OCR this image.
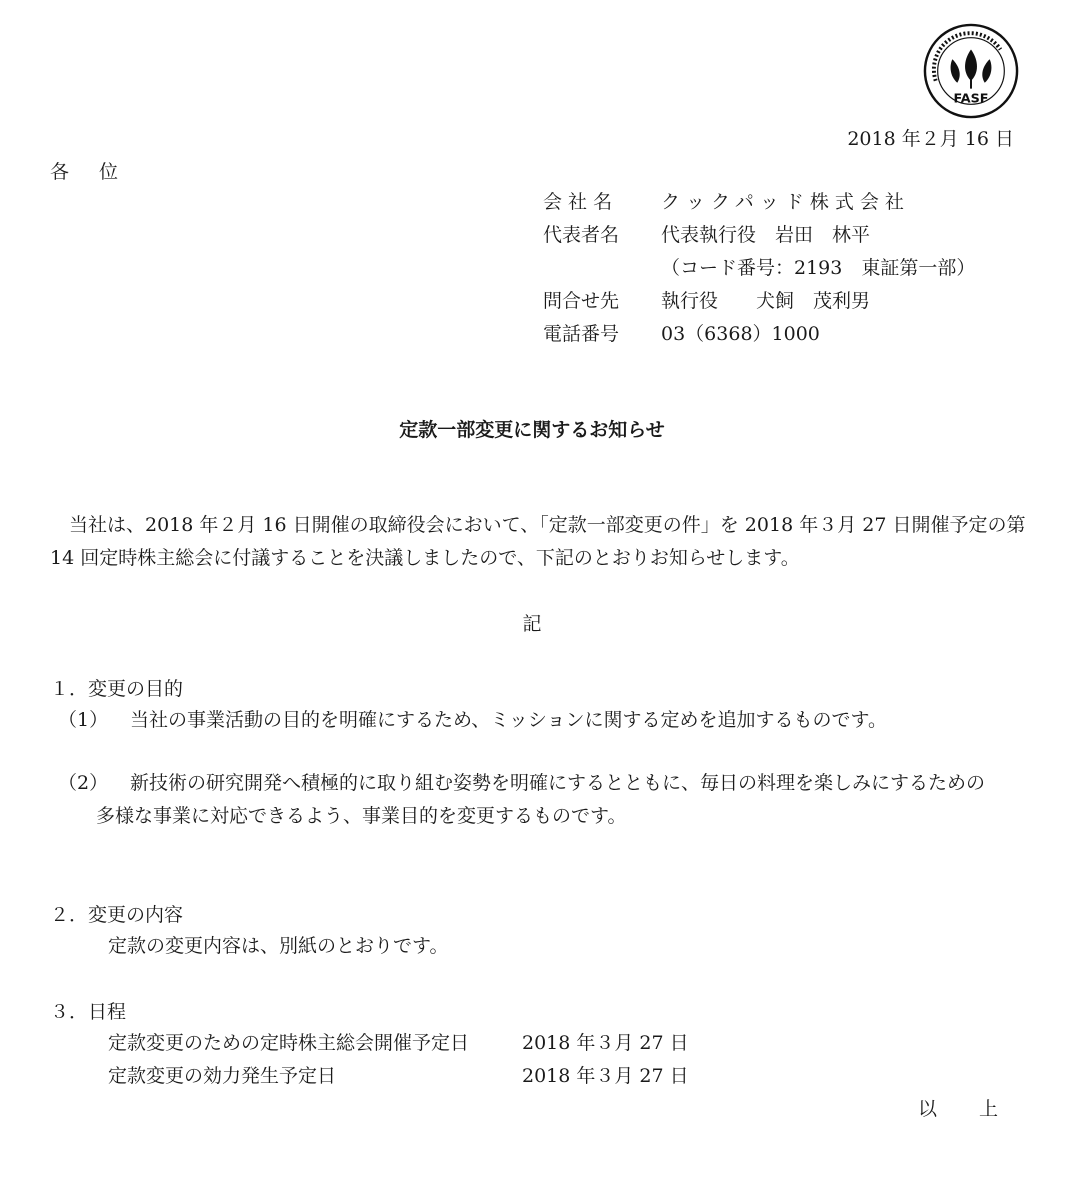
FASF
2018 年２月 16 日
各 位
会 社 名	クックパッド株式会社
代表者名	代表執行役　岩田　林平
（コード番号：2193　東証第一部）
問合せ先	執行役　　犬飼　茂利男
電話番号	03（6368）1000
定款一部変更に関するお知らせ
　当社は、2018 年２月 16 日開催の取締役会において、「定款一部変更の件」を 2018 年３月 27 日開催予定の第
14 回定時株主総会に付議することを決議しましたので、下記のとおりお知らせします。
記
１．変更の目的
（1） 当社の事業活動の目的を明確にするため、ミッションに関する定めを追加するものです。
（2） 新技術の研究開発へ積極的に取り組む姿勢を明確にするとともに、毎日の料理を楽しみにするための
多様な事業に対応できるよう、事業目的を変更するものです。
２．変更の内容
定款の変更内容は、別紙のとおりです。
３．日程
定款変更のための定時株主総会開催予定日	2018 年３月 27 日
定款変更の効力発生予定日	2018 年３月 27 日
以 上
